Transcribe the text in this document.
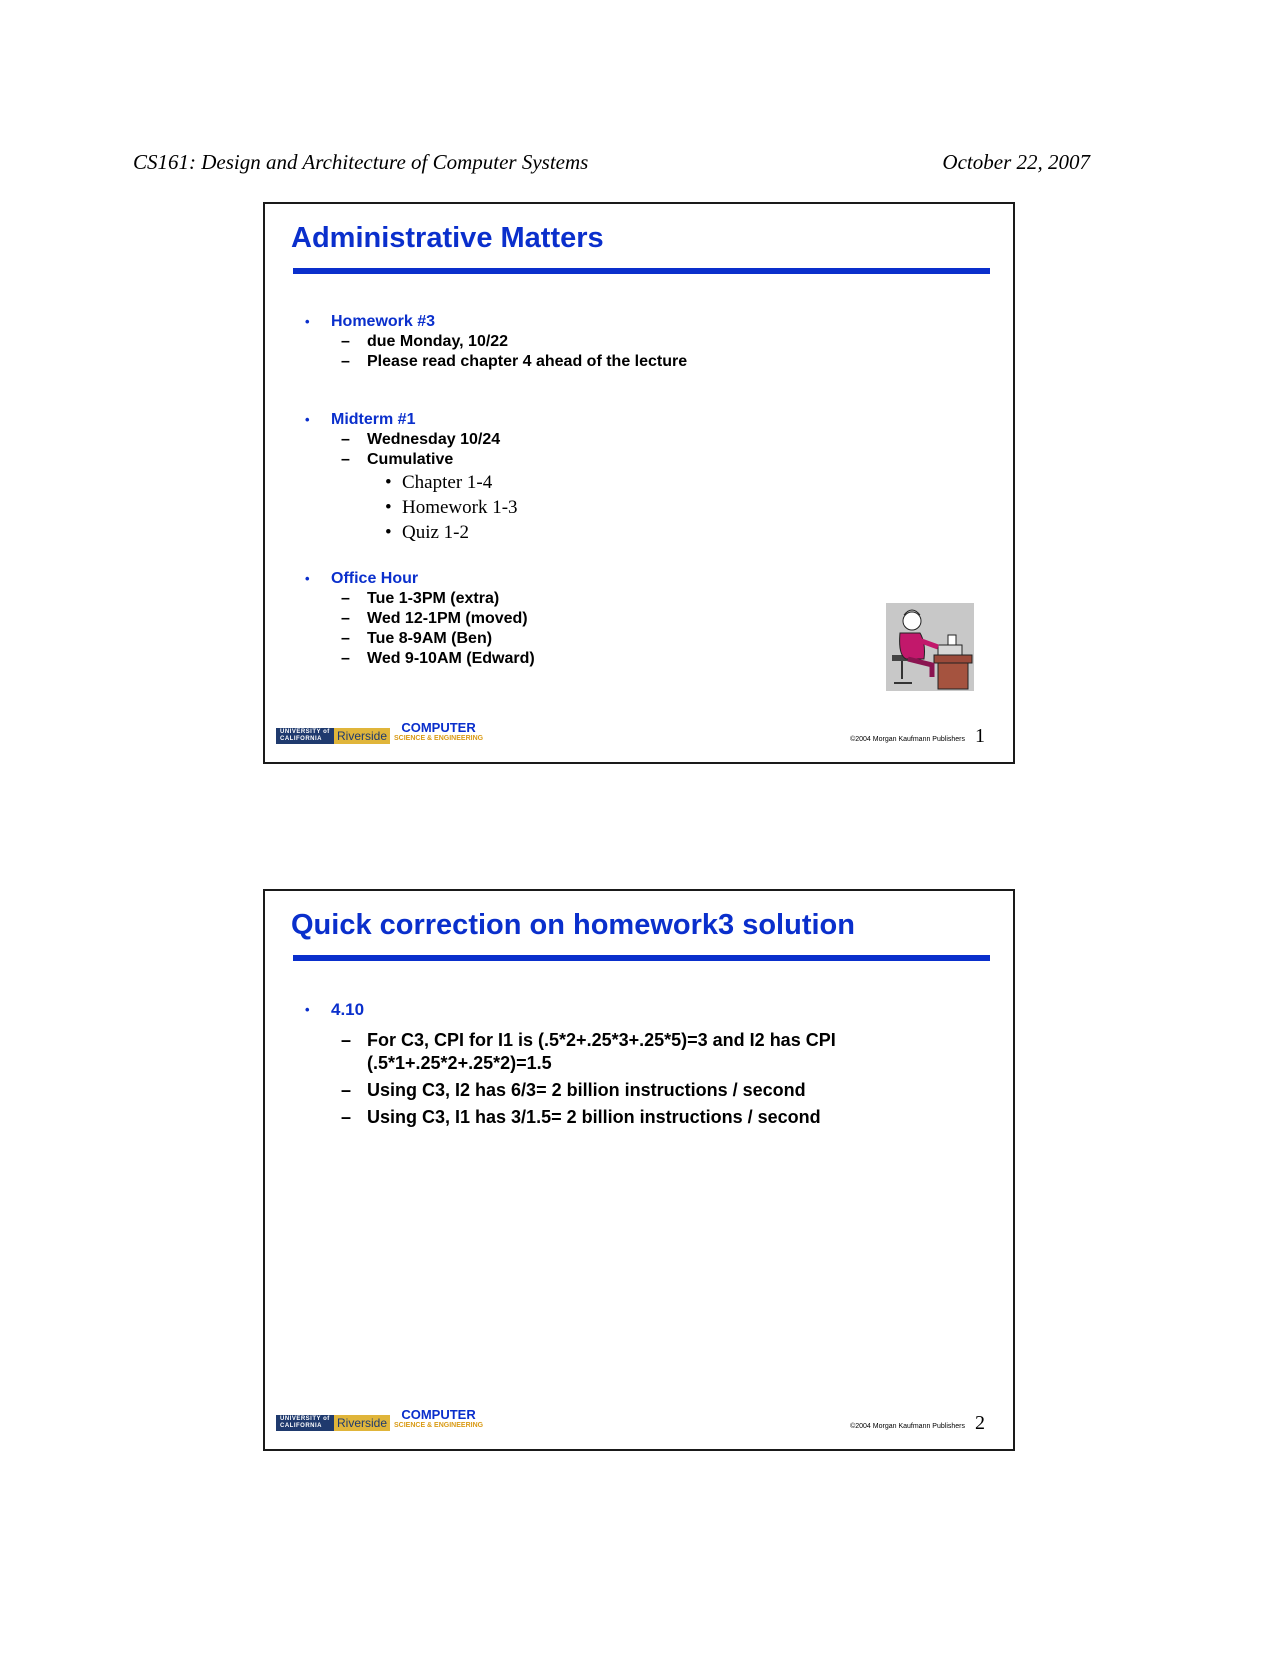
CS161: Design and Architecture of Computer Systems	October 22, 2007
Administrative Matters
• Homework #3
– due Monday, 10/22
– Please read chapter 4 ahead of the lecture
• Midterm #1
– Wednesday 10/24
– Cumulative
• Chapter 1-4
• Homework 1-3
• Quiz 1-2
• Office Hour
– Tue 1-3PM (extra)
– Wed 12-1PM (moved)
– Tue 8-9AM (Ben)
– Wed 9-10AM (Edward)
UNIVERSITY of
CALIFORNIA	Riverside
COMPUTER
SCIENCE & ENGINEERING	©2004 Morgan Kaufmann Publishers 1
Quick correction on homework3 solution
• 4.10
– For C3, CPI for I1 is (.5*2+.25*3+.25*5)=3 and I2 has CPI (.5*1+.25*2+.25*2)=1.5
– Using C3, I2 has 6/3= 2 billion instructions / second
– Using C3, I1 has 3/1.5= 2 billion instructions / second
UNIVERSITY of
CALIFORNIA	Riverside
COMPUTER
SCIENCE & ENGINEERING	©2004 Morgan Kaufmann Publishers 2
